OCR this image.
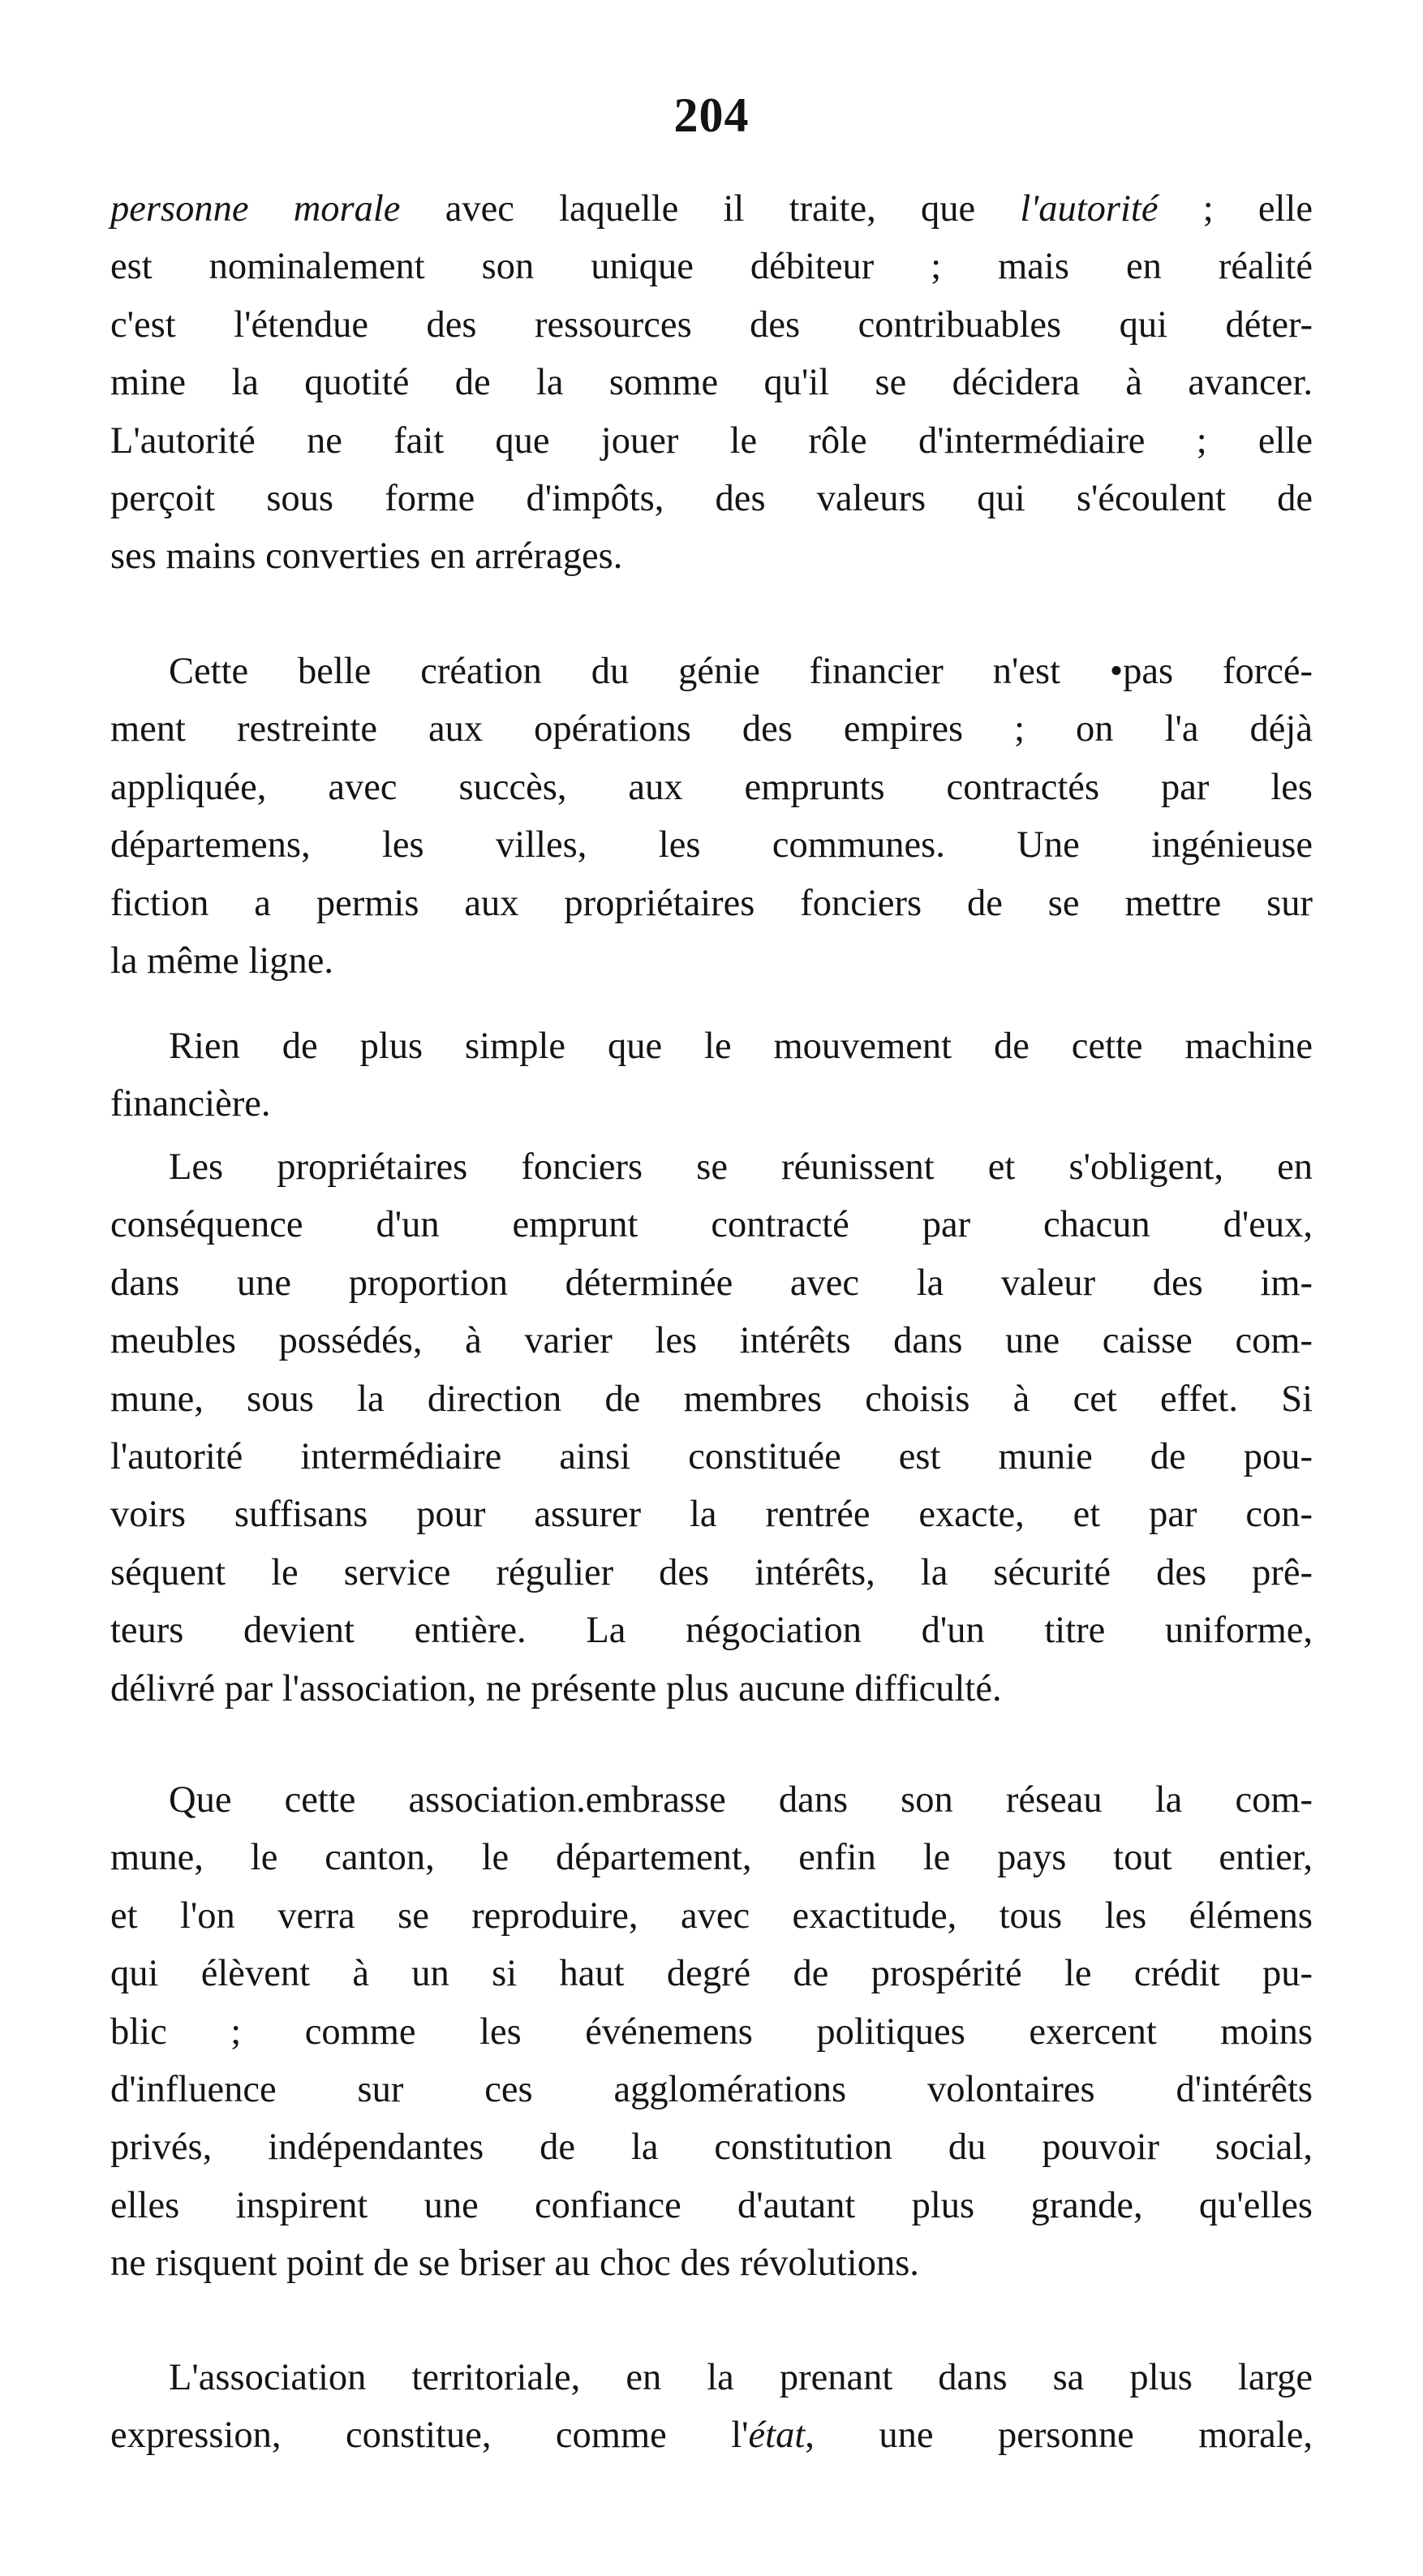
204
personne morale avec laquelle il traite, que l'autorité ; elle
est nominalement son unique débiteur ; mais en réalité
c'est l'étendue des ressources des contribuables qui déter-
mine la quotité de la somme qu'il se décidera à avancer.
L'autorité ne fait que jouer le rôle d'intermédiaire ; elle
perçoit sous forme d'impôts, des valeurs qui s'écoulent de
ses mains converties en arrérages.
Cette belle création du génie financier n'est •pas forcé-
ment restreinte aux opérations des empires ; on l'a déjà
appliquée, avec succès, aux emprunts contractés par les
départemens, les villes, les communes. Une ingénieuse
fiction a permis aux propriétaires fonciers de se mettre sur
la même ligne.
Rien de plus simple que le mouvement de cette machine
financière.
Les propriétaires fonciers se réunissent et s'obligent, en
conséquence d'un emprunt contracté par chacun d'eux,
dans une proportion déterminée avec la valeur des im-
meubles possédés, à varier les intérêts dans une caisse com-
mune, sous la direction de membres choisis à cet effet. Si
l'autorité intermédiaire ainsi constituée est munie de pou-
voirs suffisans pour assurer la rentrée exacte, et par con-
séquent le service régulier des intérêts, la sécurité des prê-
teurs devient entière. La négociation d'un titre uniforme,
délivré par l'association, ne présente plus aucune difficulté.
Que cette association.embrasse dans son réseau la com-
mune, le canton, le département, enfin le pays tout entier,
et l'on verra se reproduire, avec exactitude, tous les élémens
qui élèvent à un si haut degré de prospérité le crédit pu-
blic ; comme les événemens politiques exercent moins
d'influence sur ces agglomérations volontaires d'intérêts
privés, indépendantes de la constitution du pouvoir social,
elles inspirent une confiance d'autant plus grande, qu'elles
ne risquent point de se briser au choc des révolutions.
L'association territoriale, en la prenant dans sa plus large
expression, constitue, comme l'état, une personne morale,
